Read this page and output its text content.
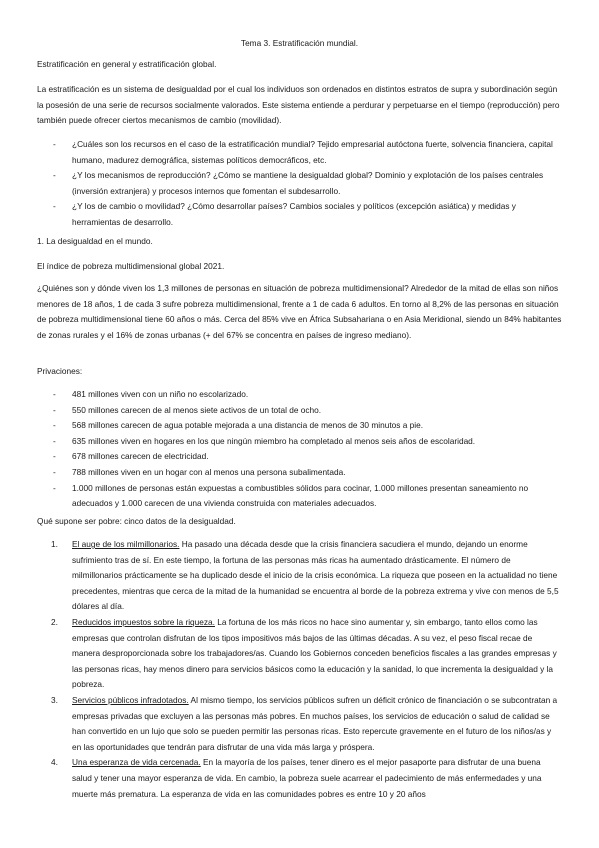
Tema 3. Estratificación mundial.
Estratificación en general y estratificación global.
La estratificación es un sistema de desigualdad por el cual los individuos son ordenados en distintos estratos de supra y subordinación según la posesión de una serie de recursos socialmente valorados. Este sistema entiende a perdurar y perpetuarse en el tiempo (reproducción) pero también puede ofrecer ciertos mecanismos de cambio (movilidad).
- ¿Cuáles son los recursos en el caso de la estratificación mundial? Tejido empresarial autóctona fuerte, solvencia financiera, capital humano, madurez demográfica, sistemas políticos democráficos, etc.
- ¿Y los mecanismos de reproducción? ¿Cómo se mantiene la desigualdad global? Dominio y explotación de los países centrales (inversión extranjera) y procesos internos que fomentan el subdesarrollo.
- ¿Y los de cambio o movilidad? ¿Cómo desarrollar países? Cambios sociales y políticos (excepción asiática) y medidas y herramientas de desarrollo.
1. La desigualdad en el mundo.
El índice de pobreza multidimensional global 2021.
¿Quiénes son y dónde viven los 1,3 millones de personas en situación de pobreza multidimensional? Alrededor de la mitad de ellas son niños menores de 18 años, 1 de cada 3 sufre pobreza multidimensional, frente a 1 de cada 6 adultos. En torno al 8,2% de las personas en situación de pobreza multidimensional tiene 60 años o más. Cerca del 85% vive en África Subsahariana o en Asia Meridional, siendo un 84% habitantes de zonas rurales y el 16% de zonas urbanas (+ del 67% se concentra en países de ingreso mediano).
Privaciones:
- 481 millones viven con un niño no escolarizado.
- 550 millones carecen de al menos siete activos de un total de ocho.
- 568 millones carecen de agua potable mejorada a una distancia de menos de 30 minutos a pie.
- 635 millones viven en hogares en los que ningún miembro ha completado al menos seis años de escolaridad.
- 678 millones carecen de electricidad.
- 788 millones viven en un hogar con al menos una persona subalimentada.
- 1.000 millones de personas están expuestas a combustibles sólidos para cocinar, 1.000 millones presentan saneamiento no adecuados y 1.000 carecen de una vivienda construida con materiales adecuados.
Qué supone ser pobre: cinco datos de la desigualdad.
1. El auge de los milmillonarios. Ha pasado una década desde que la crisis financiera sacudiera el mundo, dejando un enorme sufrimiento tras de sí. En este tiempo, la fortuna de las personas más ricas ha aumentado drásticamente. El número de milmillonarios prácticamente se ha duplicado desde el inicio de la crisis económica. La riqueza que poseen en la actualidad no tiene precedentes, mientras que cerca de la mitad de la humanidad se encuentra al borde de la pobreza extrema y vive con menos de 5,5 dólares al día.
2. Reducidos impuestos sobre la riqueza. La fortuna de los más ricos no hace sino aumentar y, sin embargo, tanto ellos como las empresas que controlan disfrutan de los tipos impositivos más bajos de las últimas décadas. A su vez, el peso fiscal recae de manera desproporcionada sobre los trabajadores/as. Cuando los Gobiernos conceden beneficios fiscales a las grandes empresas y las personas ricas, hay menos dinero para servicios básicos como la educación y la sanidad, lo que incrementa la desigualdad y la pobreza.
3. Servicios públicos infradotados. Al mismo tiempo, los servicios públicos sufren un déficit crónico de financiación o se subcontratan a empresas privadas que excluyen a las personas más pobres. En muchos países, los servicios de educación o salud de calidad se han convertido en un lujo que solo se pueden permitir las personas ricas. Esto repercute gravemente en el futuro de los niños/as y en las oportunidades que tendrán para disfrutar de una vida más larga y próspera.
4. Una esperanza de vida cercenada. En la mayoría de los países, tener dinero es el mejor pasaporte para disfrutar de una buena salud y tener una mayor esperanza de vida. En cambio, la pobreza suele acarrear el padecimiento de más enfermedades y una muerte más prematura. La esperanza de vida en las comunidades pobres es entre 10 y 20 años
